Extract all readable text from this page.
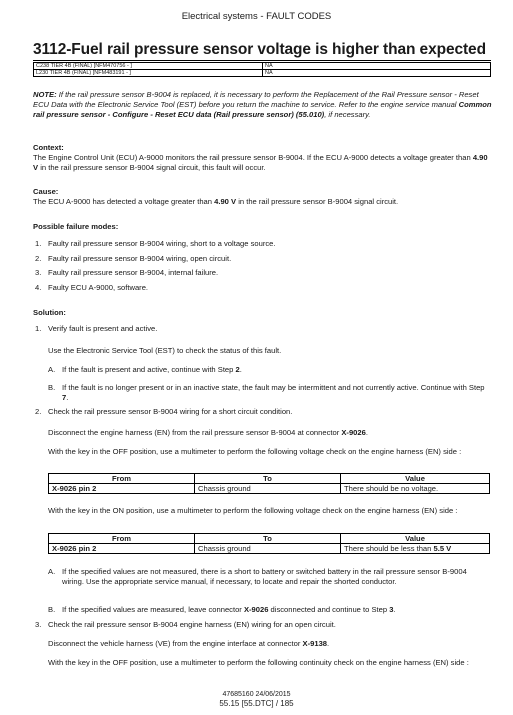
Electrical systems - FAULT CODES
3112-Fuel rail pressure sensor voltage is higher than expected
C238 TIER 4B (FINAL) [NFM470756 - ]	NA
L230 TIER 4B (FINAL) [NFM483191 - ]	NA
NOTE: If the rail pressure sensor B-9004 is replaced, it is necessary to perform the Replacement of the Rail Pressure sensor - Reset ECU Data with the Electronic Service Tool (EST) before you return the machine to service. Refer to the engine service manual Common rail pressure sensor - Configure - Reset ECU data (Rail pressure sensor) (55.010), if necessary.
Context:
The Engine Control Unit (ECU) A-9000 monitors the rail pressure sensor B-9004. If the ECU A-9000 detects a voltage greater than 4.90 V in the rail pressure sensor B-9004 signal circuit, this fault will occur.
Cause:
The ECU A-9000 has detected a voltage greater than 4.90 V in the rail pressure sensor B-9004 signal circuit.
Possible failure modes:
1. Faulty rail pressure sensor B-9004 wiring, short to a voltage source.
2. Faulty rail pressure sensor B-9004 wiring, open circuit.
3. Faulty rail pressure sensor B-9004, internal failure.
4. Faulty ECU A-9000, software.
Solution:
1. Verify fault is present and active.
Use the Electronic Service Tool (EST) to check the status of this fault.
A. If the fault is present and active, continue with Step 2.
B. If the fault is no longer present or in an inactive state, the fault may be intermittent and not currently active. Continue with Step 7.
2. Check the rail pressure sensor B-9004 wiring for a short circuit condition.
Disconnect the engine harness (EN) from the rail pressure sensor B-9004 at connector X-9026.
With the key in the OFF position, use a multimeter to perform the following voltage check on the engine harness (EN) side :
From	To	Value
X-9026 pin 2	Chassis ground	There should be no voltage.
With the key in the ON position, use a multimeter to perform the following voltage check on the engine harness (EN) side :
From	To	Value
X-9026 pin 2	Chassis ground	There should be less than 5.5 V
A. If the specified values are not measured, there is a short to battery or switched battery in the rail pressure sensor B-9004 wiring. Use the appropriate service manual, if necessary, to locate and repair the shorted conductor.
B. If the specified values are measured, leave connector X-9026 disconnected and continue to Step 3.
3. Check the rail pressure sensor B-9004 engine harness (EN) wiring for an open circuit.
Disconnect the vehicle harness (VE) from the engine interface at connector X-9138.
With the key in the OFF position, use a multimeter to perform the following continuity check on the engine harness (EN) side :
47685160 24/06/2015
55.15 [55.DTC] / 185
